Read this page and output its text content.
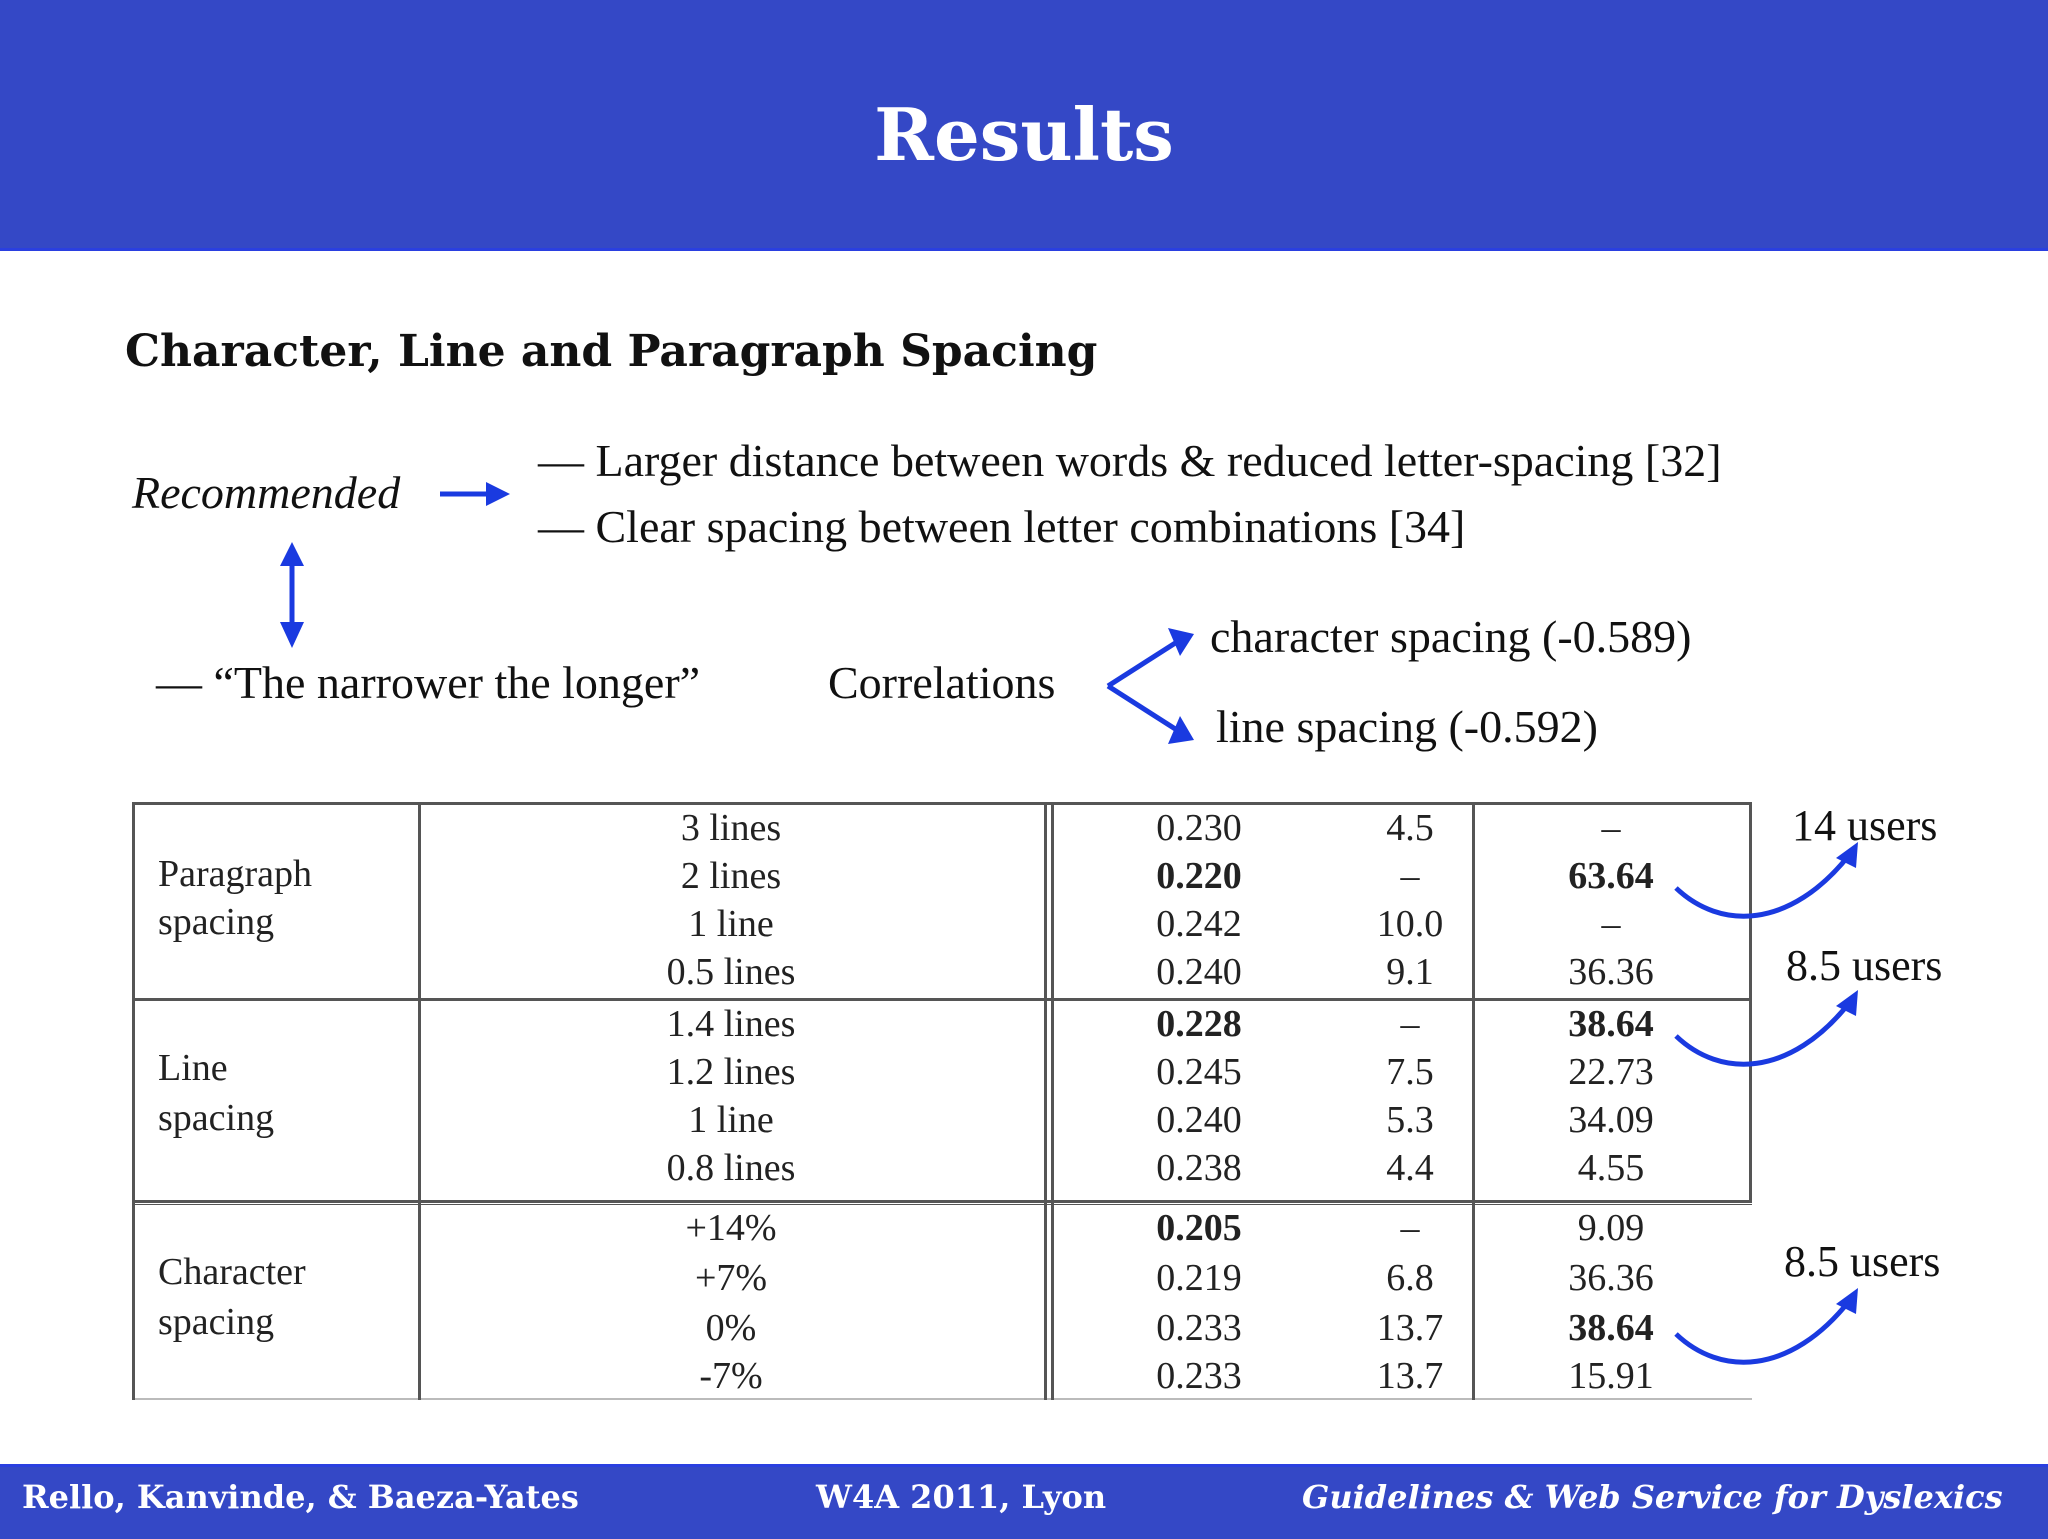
Results
Character, Line and Paragraph Spacing
Recommended
— Larger distance between words & reduced letter-spacing [32]
— Clear spacing between letter combinations [34]
— “The narrower the longer”	Correlations
character spacing (-0.589)
line spacing (-0.592)
Paragraph
spacing
3 lines	0.230	4.5	–
2 lines	0.220	–	63.64
1 line	0.242	10.0	–
0.5 lines	0.240	9.1	36.36
Line
spacing
1.4 lines	0.228	–	38.64
1.2 lines	0.245	7.5	22.73
1 line	0.240	5.3	34.09
0.8 lines	0.238	4.4	4.55
Character
spacing
+14%	0.205	–	9.09
+7%	0.219	6.8	36.36
0%	0.233	13.7	38.64
-7%	0.233	13.7	15.91
14 users
8.5 users
8.5 users
Rello, Kanvinde, & Baeza-Yates	W4A 2011, Lyon	Guidelines & Web Service for Dyslexics
